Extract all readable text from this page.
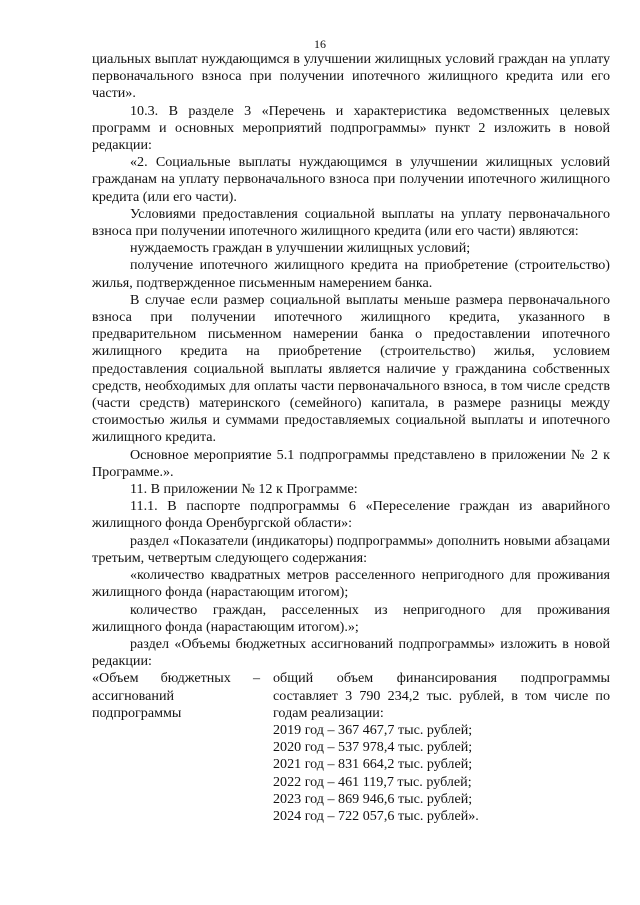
16

циальных выплат нуждающимся в улучшении жилищных условий граждан на уплату первоначального взноса при получении ипотечного жилищного кредита или его части».

10.3. В разделе 3 «Перечень и характеристика ведомственных целевых программ и основных мероприятий подпрограммы» пункт 2 изложить в новой редакции:

«2. Социальные выплаты нуждающимся в улучшении жилищных условий гражданам на уплату первоначального взноса при получении ипотечного жилищного кредита (или его части).

Условиями предоставления социальной выплаты на уплату первоначального взноса при получении ипотечного жилищного кредита (или его части) являются:

нуждаемость граждан в улучшении жилищных условий;

получение ипотечного жилищного кредита на приобретение (строительство) жилья, подтвержденное письменным намерением банка.

В случае если размер социальной выплаты меньше размера первоначального взноса при получении ипотечного жилищного кредита, указанного в предварительном письменном намерении банка о предоставлении ипотечного жилищного кредита на приобретение (строительство) жилья, условием предоставления социальной выплаты является наличие у гражданина собственных средств, необходимых для оплаты части первоначального взноса, в том числе средств (части средств) материнского (семейного) капитала, в размере разницы между стоимостью жилья и суммами предоставляемых социальной выплаты и ипотечного жилищного кредита.

Основное мероприятие 5.1 подпрограммы представлено в приложении № 2 к Программе.».

11. В приложении № 12 к Программе:

11.1. В паспорте подпрограммы 6 «Переселение граждан из аварийного жилищного фонда Оренбургской области»:

раздел «Показатели (индикаторы) подпрограммы» дополнить новыми абзацами третьим, четвертым следующего содержания:

«количество квадратных метров расселенного непригодного для проживания жилищного фонда (нарастающим итогом);

количество граждан, расселенных из непригодного для проживания жилищного фонда (нарастающим итогом).»;

раздел «Объемы бюджетных ассигнований подпрограммы» изложить в новой редакции:

«Объем бюджетных –
ассигнований
подпрограммы
общий объем финансирования подпрограммы составляет 3 790 234,2 тыс. рублей, в том числе по годам реализации:
2019 год – 367 467,7 тыс. рублей;
2020 год – 537 978,4 тыс. рублей;
2021 год – 831 664,2 тыс. рублей;
2022 год – 461 119,7 тыс. рублей;
2023 год – 869 946,6 тыс. рублей;
2024 год – 722 057,6 тыс. рублей».
